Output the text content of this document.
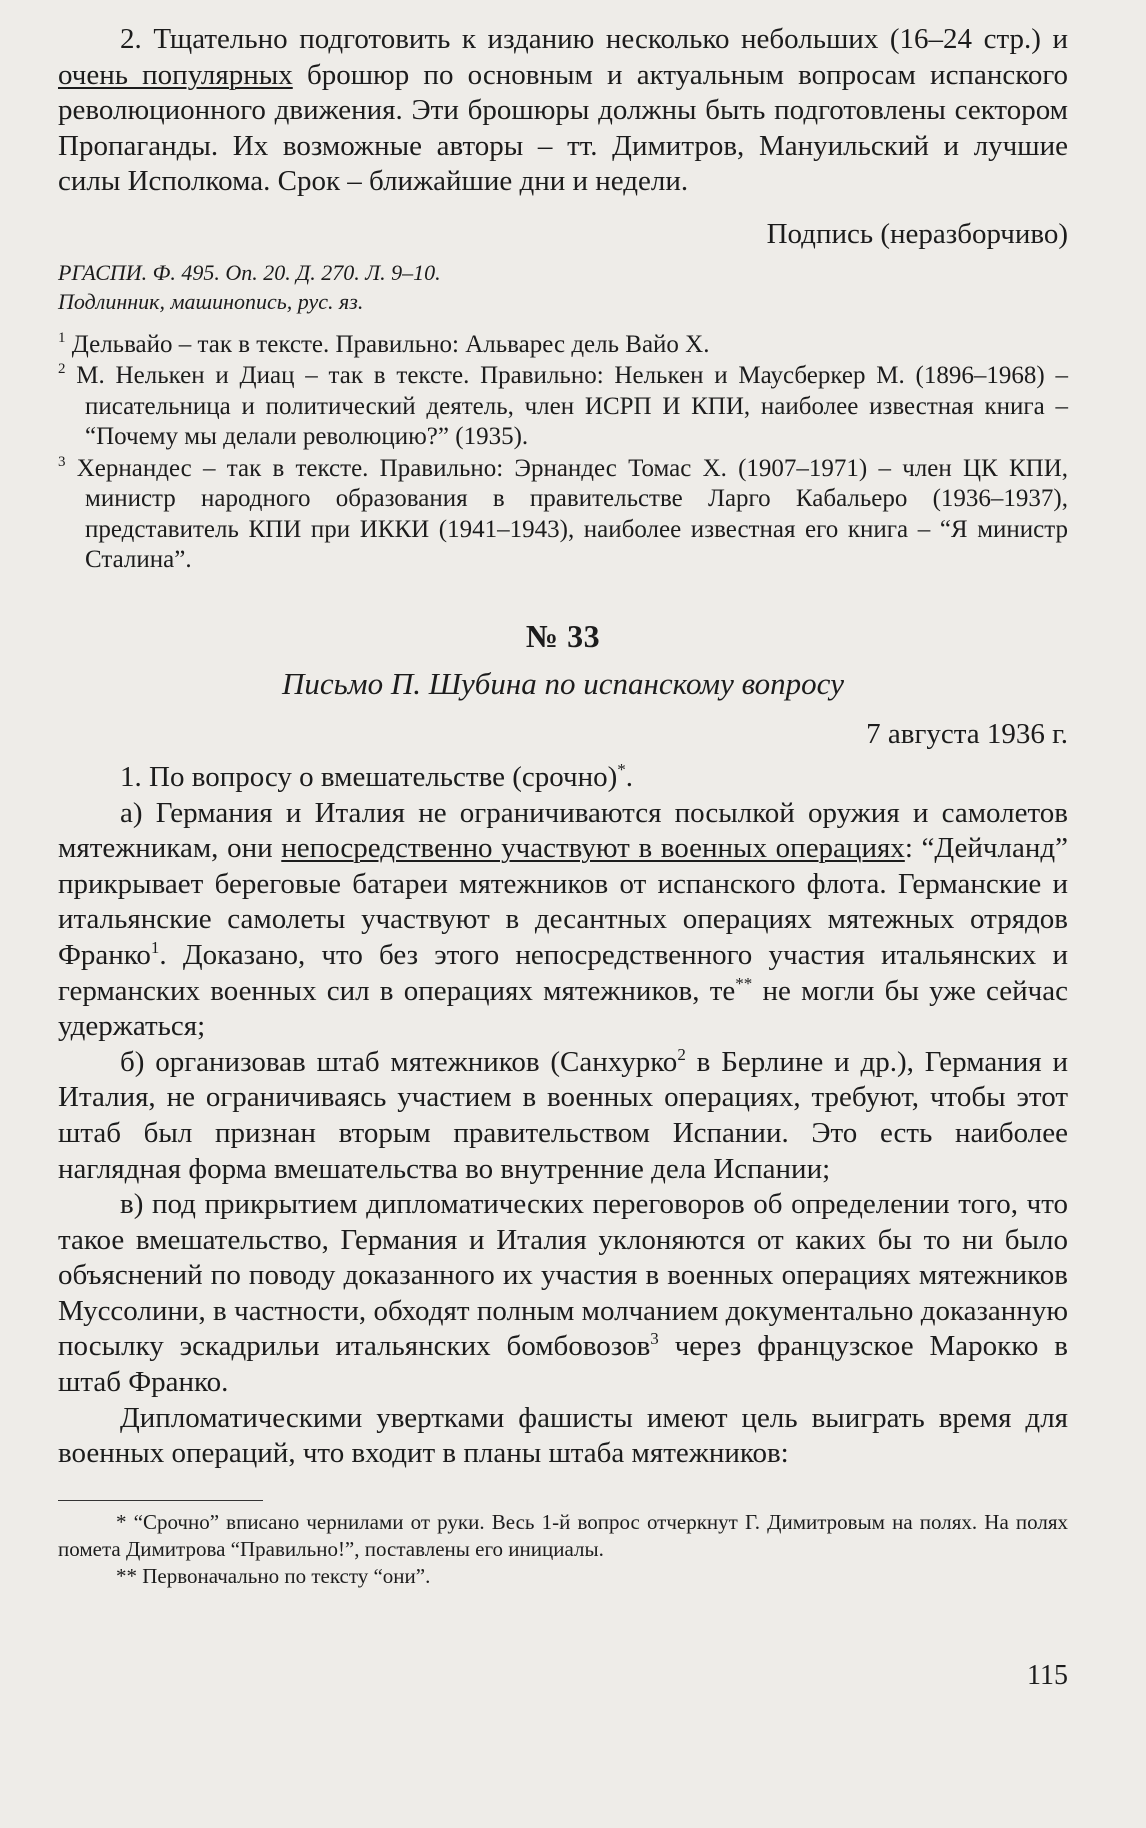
2. Тщательно подготовить к изданию несколько небольших (16–24 стр.) и очень популярных брошюр по основным и актуальным вопросам испанского революционного движения. Эти брошюры должны быть подготовлены сектором Пропаганды. Их возможные авторы – тт. Димитров, Мануильский и лучшие силы Исполкома. Срок – ближайшие дни и недели.

Подпись (неразборчиво)

РГАСПИ. Ф. 495. Оп. 20. Д. 270. Л. 9–10.
Подлинник, машинопись, рус. яз.

$^1$ Дельвайо – так в тексте. Правильно: Альварес дель Вайо Х.

$^2$ М. Нелькен и Диац – так в тексте. Правильно: Нелькен и Маусберкер М. (1896–1968) – писательница и политический деятель, член ИСРП И КПИ, наиболее известная книга – “Почему мы делали революцию?” (1935).

$^3$ Хернандес – так в тексте. Правильно: Эрнандес Томас Х. (1907–1971) – член ЦК КПИ, министр народного образования в правительстве Ларго Кабальеро (1936–1937), представитель КПИ при ИККИ (1941–1943), наиболее известная его книга – “Я министр Сталина”.

№ 33
Письмо П. Шубина по испанскому вопросу
7 августа 1936 г.

1. По вопросу о вмешательстве (срочно)*.

а) Германия и Италия не ограничиваются посылкой оружия и самолетов мятежникам, они непосредственно участвуют в военных операциях: “Дейчланд” прикрывает береговые батареи мятежников от испанского флота. Германские и итальянские самолеты участвуют в десантных операциях мятежных отрядов Франко$^1$. Доказано, что без этого непосредственного участия итальянских и германских военных сил в операциях мятежников, те** не могли бы уже сейчас удержаться;

б) организовав штаб мятежников (Санхурко$^2$ в Берлине и др.), Германия и Италия, не ограничиваясь участием в военных операциях, требуют, чтобы этот штаб был признан вторым правительством Испании. Это есть наиболее наглядная форма вмешательства во внутренние дела Испании;

в) под прикрытием дипломатических переговоров об определении того, что такое вмешательство, Германия и Италия уклоняются от каких бы то ни было объяснений по поводу доказанного их участия в военных операциях мятежников Муссолини, в частности, обходят полным молчанием документально доказанную посылку эскадрильи итальянских бомбовозов$^3$ через французское Марокко в штаб Франко.

Дипломатическими увертками фашисты имеют цель выиграть время для военных операций, что входит в планы штаба мятежников:

* “Срочно” вписано чернилами от руки. Весь 1-й вопрос отчеркнут Г. Димитровым на полях. На полях помета Димитрова “Правильно!”, поставлены его инициалы.

** Первоначально по тексту “они”.

115
